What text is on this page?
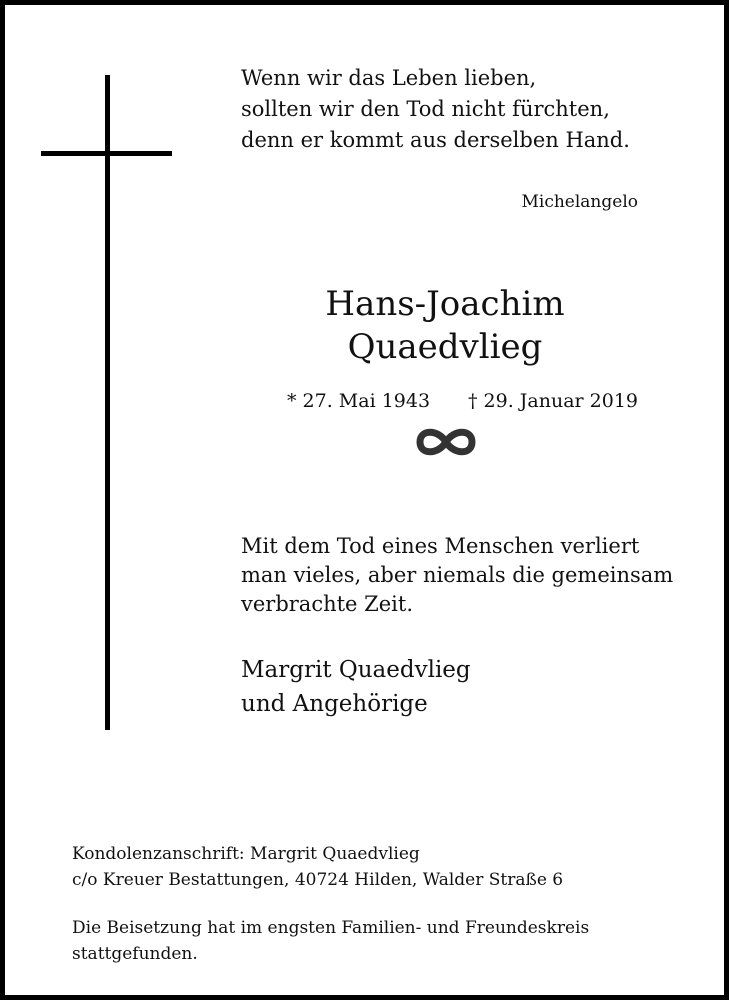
Wenn wir das Leben lieben,
sollten wir den Tod nicht fürchten,
denn er kommt aus derselben Hand.
Michelangelo
Hans-Joachim
Quaedvlieg
* 27. Mai 1943 † 29. Januar 2019
Mit dem Tod eines Menschen verliert
man vieles, aber niemals die gemeinsam
verbrachte Zeit.
Margrit Quaedvlieg
und Angehörige
Kondolenzanschrift: Margrit Quaedvlieg
c/o Kreuer Bestattungen, 40724 Hilden, Walder Straße 6
Die Beisetzung hat im engsten Familien- und Freundeskreis
stattgefunden.
